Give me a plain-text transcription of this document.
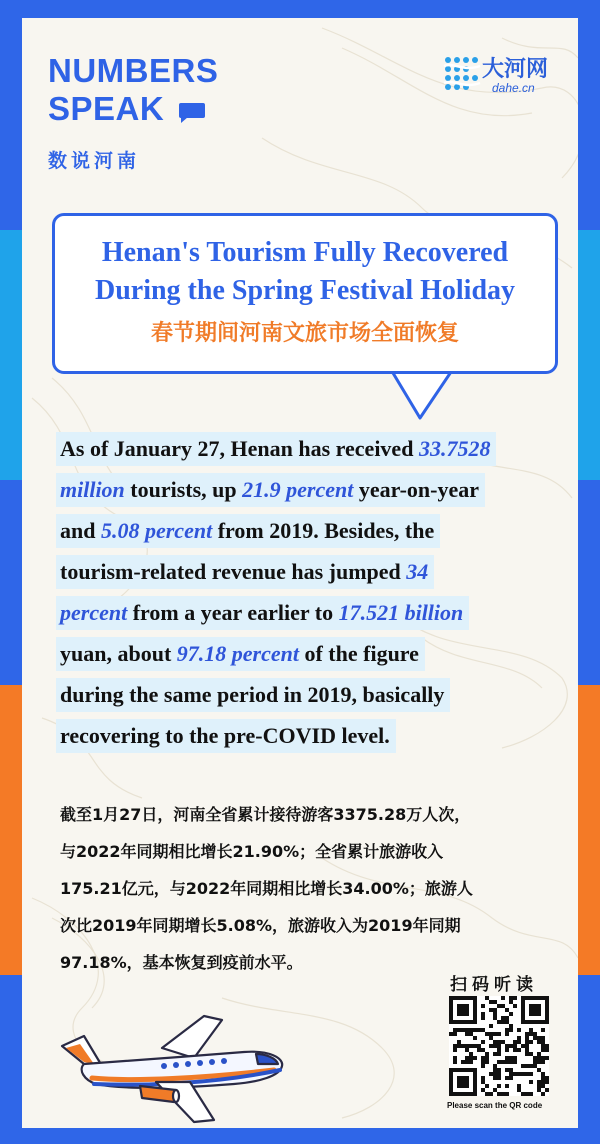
NUMBERS
SPEAK
数说河南
大河网
dahe.cn
Henan's Tourism Fully Recovered
During the Spring Festival Holiday
春节期间河南文旅市场全面恢复
As of January 27, Henan has received 33.7528
million tourists, up 21.9 percent year-on-year
and 5.08 percent from 2019. Besides, the
tourism-related revenue has jumped 34
percent from a year earlier to 17.521 billion
yuan, about 97.18 percent of the figure
during the same period in 2019, basically
recovering to the pre-COVID level.

截至1月27日，河南全省累计接待游客3375.28万人次，
与2022年同期相比增长21.90%；全省累计旅游收入
175.21亿元，与2022年同期相比增长34.00%；旅游人
次比2019年同期增长5.08%，旅游收入为2019年同期
97.18%，基本恢复到疫前水平。
扫码听读
Please scan the QR code
